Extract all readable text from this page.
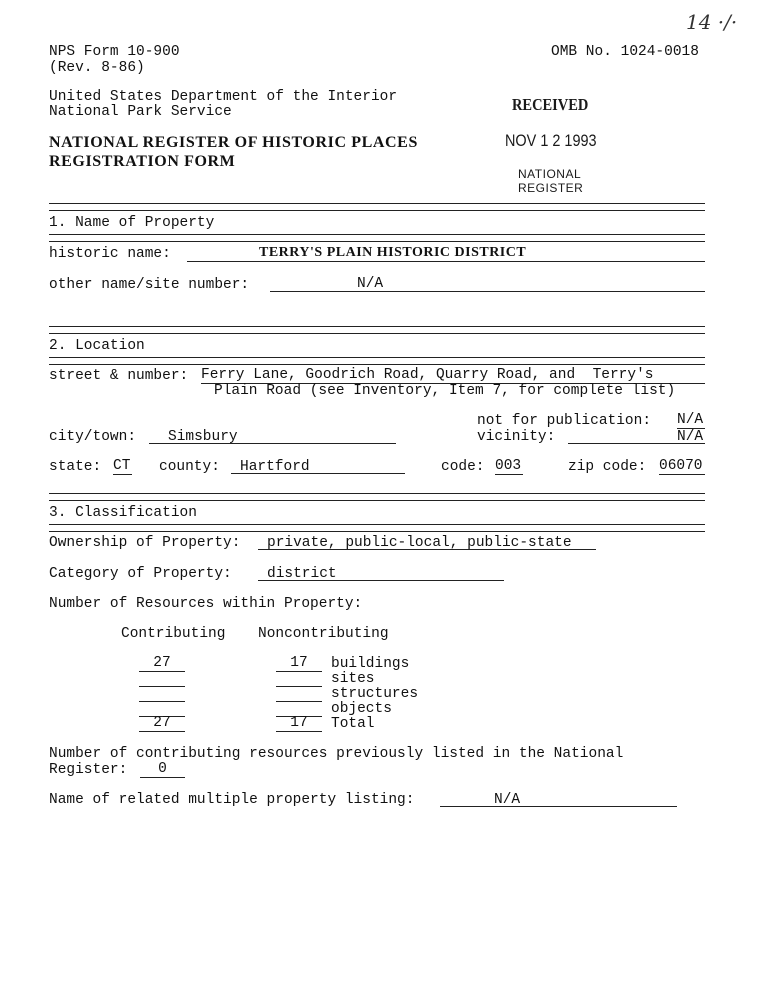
14 ·/·
NPS Form 10-900
(Rev. 8-86)
OMB No. 1024-0018
United States Department of the Interior
National Park Service
NATIONAL REGISTER OF HISTORIC PLACES
REGISTRATION FORM
RECEIVED
NOV 1 2 1993
NATIONAL
REGISTER
1. Name of Property
historic name:	TERRY'S PLAIN HISTORIC DISTRICT
other name/site number:	N/A
2. Location
street & number: Ferry Lane, Goodrich Road, Quarry Road, and  Terry's
Plain Road (see Inventory, Item 7, for complete list)
not for publication: N/A
city/town: Simsbury	vicinity:	N/A
state: CT county: Hartford	code: 003	zip code: 06070
3. Classification
Ownership of Property: private, public-local, public-state
Category of Property: district
Number of Resources within Property:
Contributing Noncontributing
27	17	buildings
sites
structures
objects
27	17	Total
Number of contributing resources previously listed in the National
Register:	0
Name of related multiple property listing:	N/A
